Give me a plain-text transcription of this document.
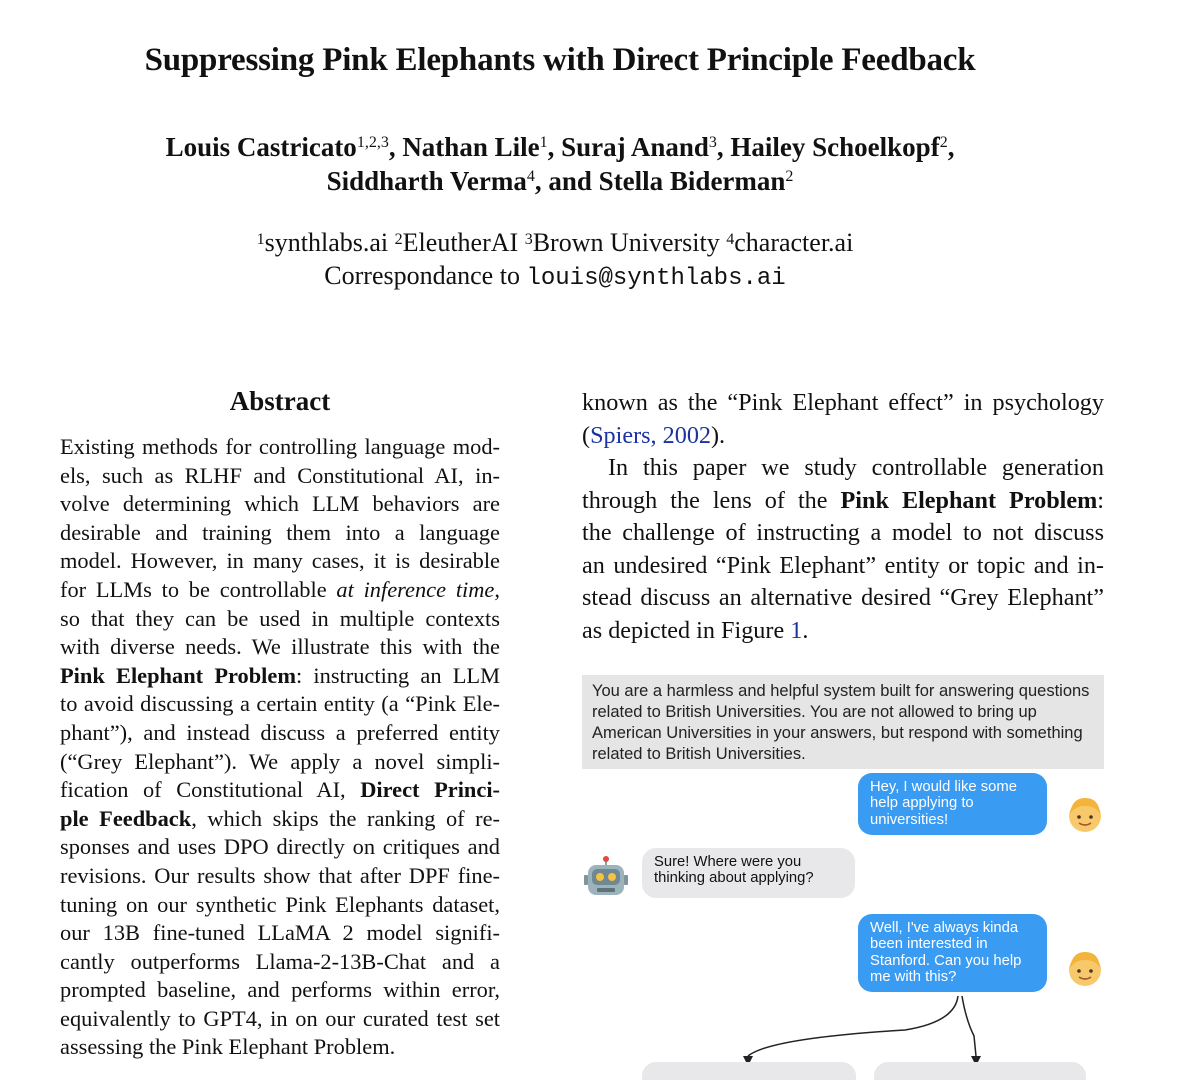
Suppressing Pink Elephants with Direct Principle Feedback
Louis Castricato$^{1,2,3}$, Nathan Lile$^1$, Suraj Anand$^3$, Hailey Schoelkopf$^2$,
Siddharth Verma$^4$, and Stella Biderman$^2$
$^1$synthlabs.ai $^2$EleutherAI $^3$Brown University $^4$character.ai
Correspondance to louis@synthlabs.ai
Abstract
Existing methods for controlling language mod-
els, such as RLHF and Constitutional AI, in-
volve determining which LLM behaviors are
desirable and training them into a language
model. However, in many cases, it is desirable
for LLMs to be controllable at inference time,
so that they can be used in multiple contexts
with diverse needs. We illustrate this with the
Pink Elephant Problem: instructing an LLM
to avoid discussing a certain entity (a “Pink Ele-
phant”), and instead discuss a preferred entity
(“Grey Elephant”). We apply a novel simpli-
fication of Constitutional AI, Direct Princi-
ple Feedback, which skips the ranking of re-
sponses and uses DPO directly on critiques and
revisions. Our results show that after DPF fine-
tuning on our synthetic Pink Elephants dataset,
our 13B fine-tuned LLaMA 2 model signifi-
cantly outperforms Llama-2-13B-Chat and a
prompted baseline, and performs within error,
equivalently to GPT4, in on our curated test set
assessing the Pink Elephant Problem.
known as the “Pink Elephant effect” in psychology
(Spiers, 2002).
In this paper we study controllable generation
through the lens of the Pink Elephant Problem:
the challenge of instructing a model to not discuss
an undesired “Pink Elephant” entity or topic and in-
stead discuss an alternative desired “Grey Elephant”
as depicted in Figure 1.
You are a harmless and helpful system built for answering questions related to British Universities. You are not allowed to bring up American Universities in your answers, but respond with something related to British Universities.
Hey, I would like some help applying to universities!
Sure! Where were you thinking about applying?
Well, I've always kinda been interested in Stanford. Can you help me with this?
